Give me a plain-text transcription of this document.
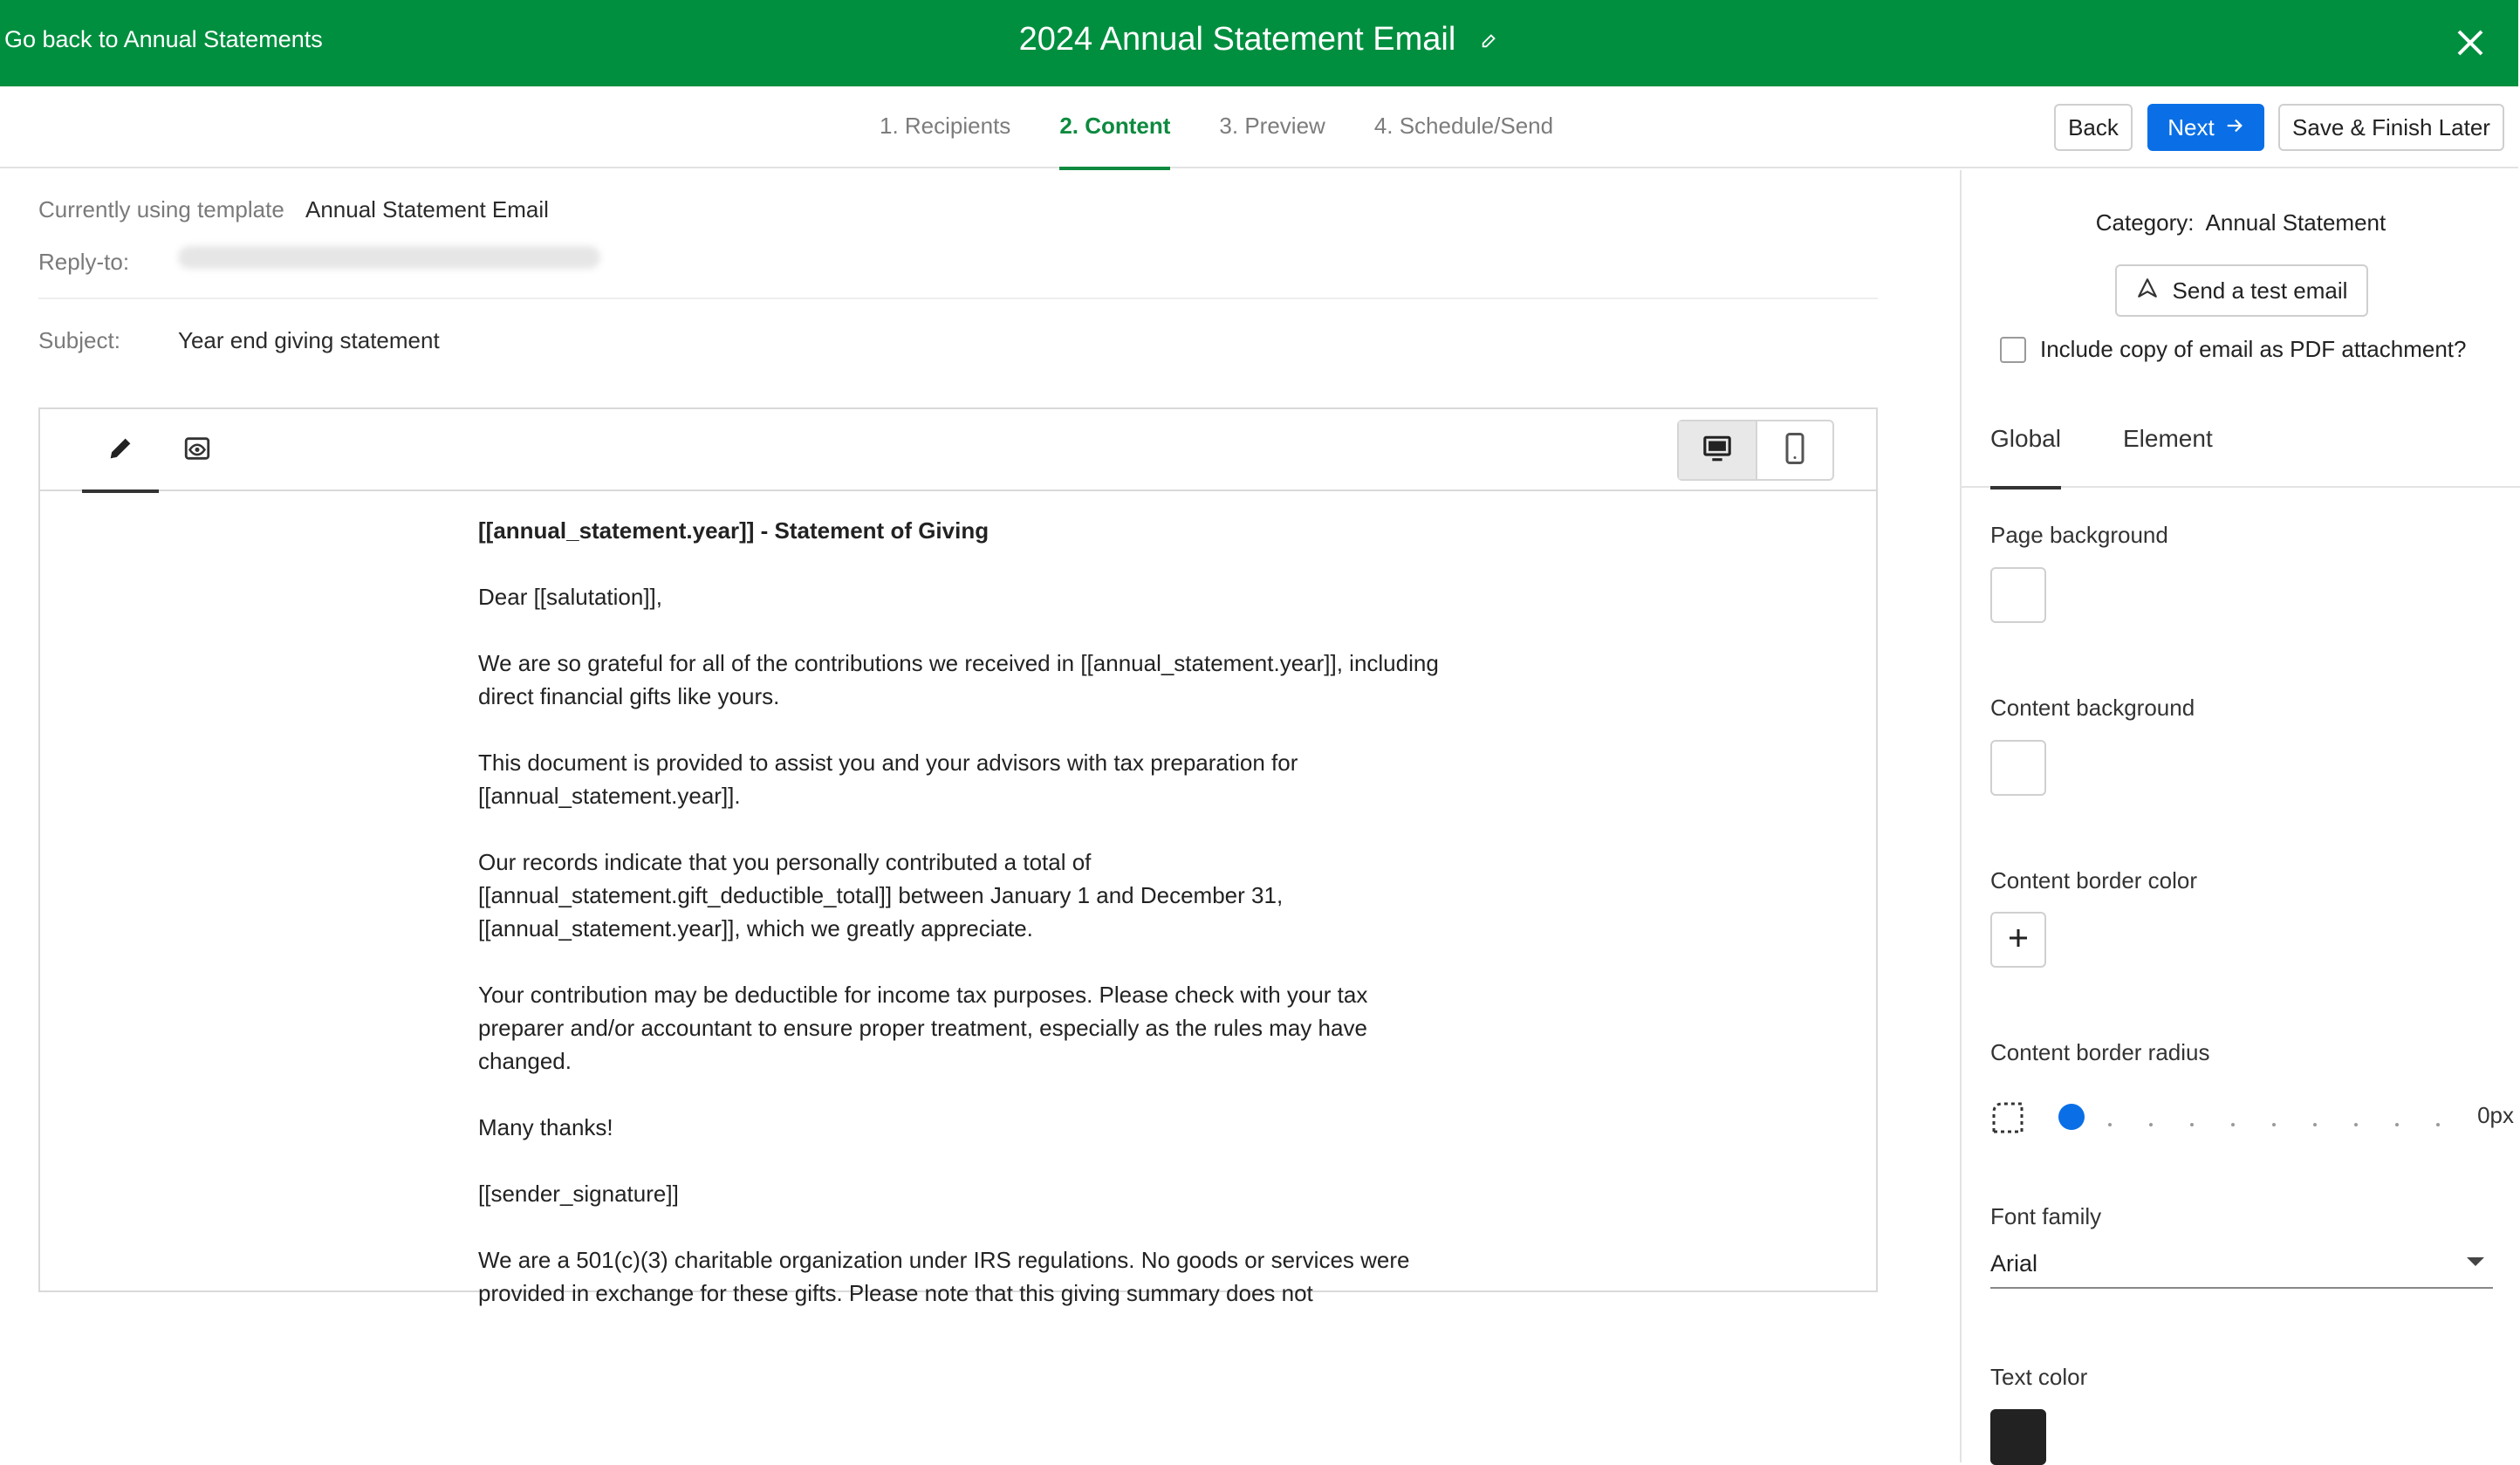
Go back to Annual Statements	2024 Annual Statement Email
1. Recipients 2. Content 3. Preview 4. Schedule/Send	Back	Next	Save & Finish Later
Currently using template Annual Statement Email
Reply-to:
Subject:	Year end giving statement

[[annual_statement.year]] - Statement of Giving

Dear [[salutation]],

We are so grateful for all of the contributions we received in [[annual_statement.year]], including direct financial gifts like yours.

This document is provided to assist you and your advisors with tax preparation for [[annual_statement.year]].

Our records indicate that you personally contributed a total of [[annual_statement.gift_deductible_total]] between January 1 and December 31, [[annual_statement.year]], which we greatly appreciate.

Your contribution may be deductible for income tax purposes. Please check with your tax preparer and/or accountant to ensure proper treatment, especially as the rules may have changed.

Many thanks!

[[sender_signature]]

We are a 501(c)(3) charitable organization under IRS regulations. No goods or services were provided in exchange for these gifts. Please note that this giving summary does not

Category: Annual Statement
Send a test email
Include copy of email as PDF attachment?
Global	Element
Page background
Content background
Content border color
Content border radius
0px
Font family
Arial
Text color
